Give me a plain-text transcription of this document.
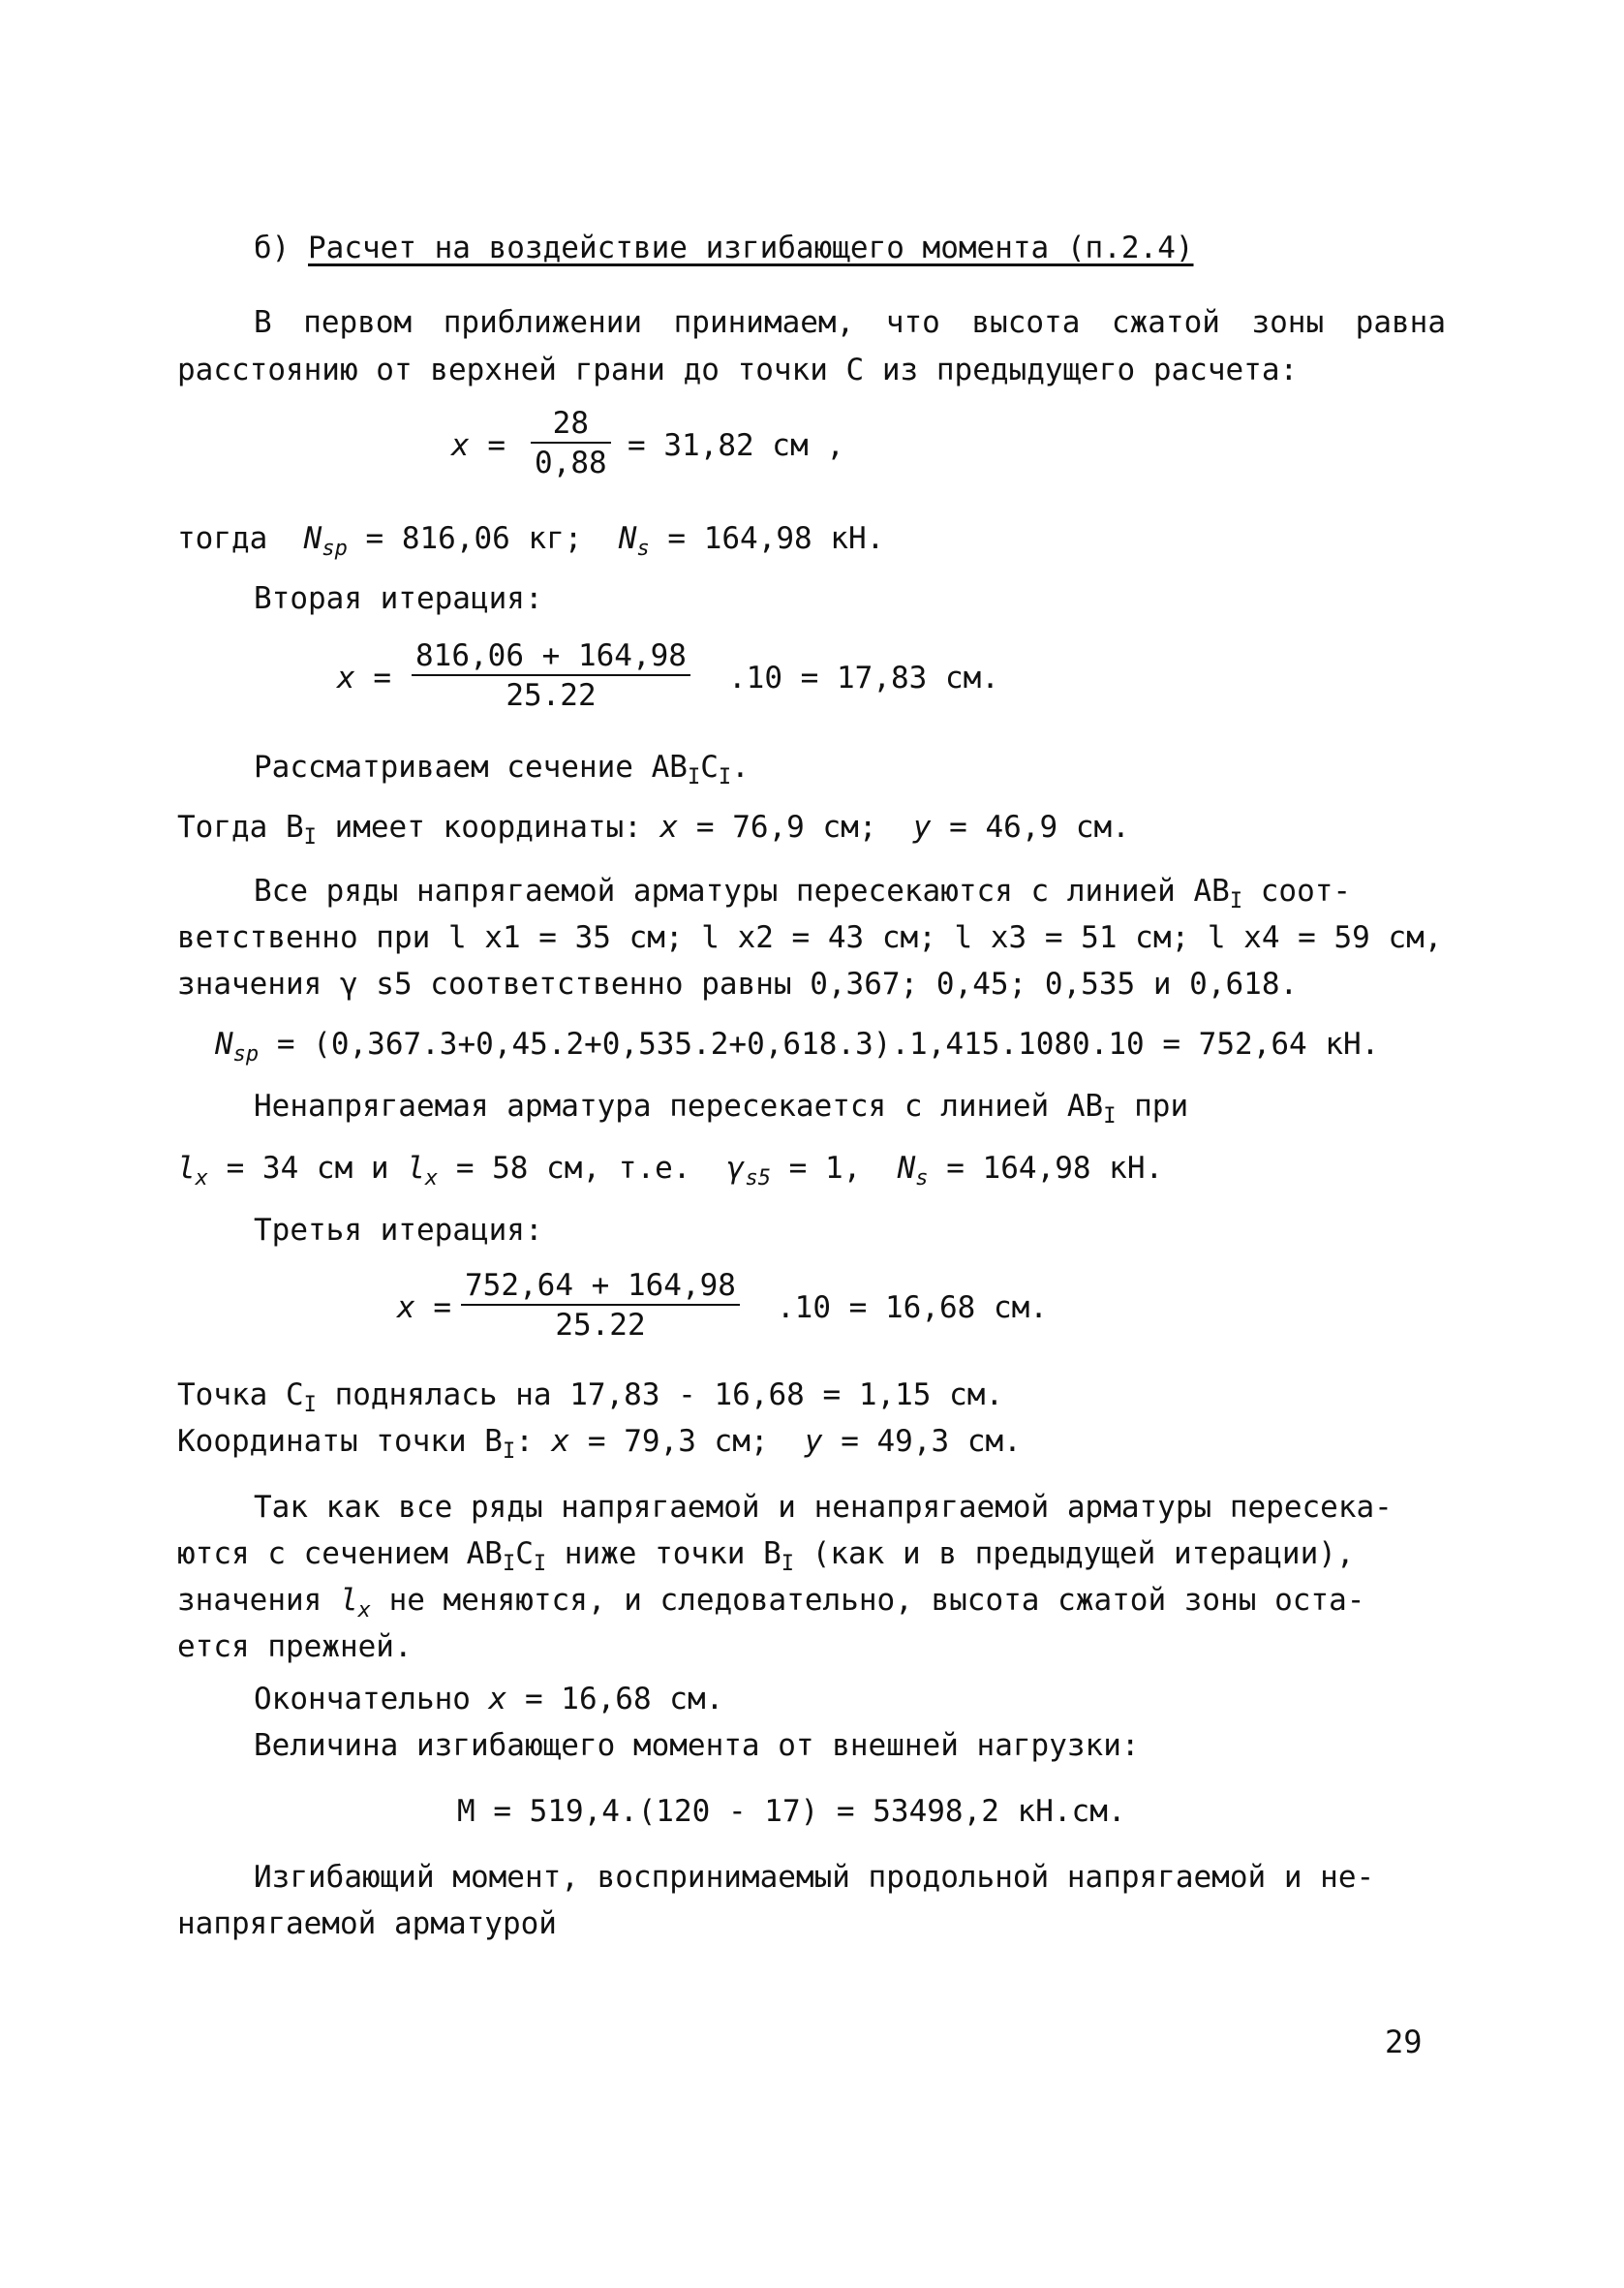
б) Расчет на воздействие изгибающего момента (п.2.4)
В первом приближении принимаем, что высота сжатой зоны равна
расстоянию от верхней грани до точки С из предыдущего расчета:
$x = \frac{28}{0,88} = 31,82$ см ,
тогда $N_{sp} = 816,06$ кг; $N_s = 164,98$ кН.
Вторая итерация:
$x = \frac{816,06 + 164,98}{25.22} .10 = 17,83$ см.
Рассматриваем сечение $АВ_IС_I$.
Тогда $В_I$ имеет координаты: x = 76,9 см; y = 46,9 см.
Все ряды напрягаемой арматуры пересекаются с линией $АВ_I$ соот-
ветственно при l x1 = 35 см; l x2 = 43 см; l x3 = 51 см; l x4 = 59 см,
значения γ s5 соответственно равны 0,367; 0,45; 0,535 и 0,618.
$N_{sp} = (0,367.3+0,45.2+0,535.2+0,618.3).1,415.1080.10 = 752,64$ кН.
Ненапрягаемая арматура пересекается с линией $АВ_I$ при
$l_x = 34$ см и $l_x = 58$ см, т.е.  $\gamma_{s5} = 1$,  $N_s = 164,98$ кН.
Третья итерация:
$x = \frac{752,64 + 164,98}{25.22} .10 = 16,68$ см.
Точка $С_I$ поднялась на 17,83 - 16,68 = 1,15 см.
Координаты точки $В_I$: x = 79,3 см; y = 49,3 см.
Так как все ряды напрягаемой и ненапрягаемой арматуры пересека-
ются с сечением $АВ_IС_I$ ниже точки $В_I$ (как и в предыдущей итерации),
значения $l_x$ не меняются, и следовательно, высота сжатой зоны оста-
ется прежней.
Окончательно x = 16,68 см.
Величина изгибающего момента от внешней нагрузки:
M = 519,4.(120 - 17) = 53498,2 кН.см.
Изгибающий момент, воспринимаемый продольной напрягаемой и не-
напрягаемой арматурой
29
